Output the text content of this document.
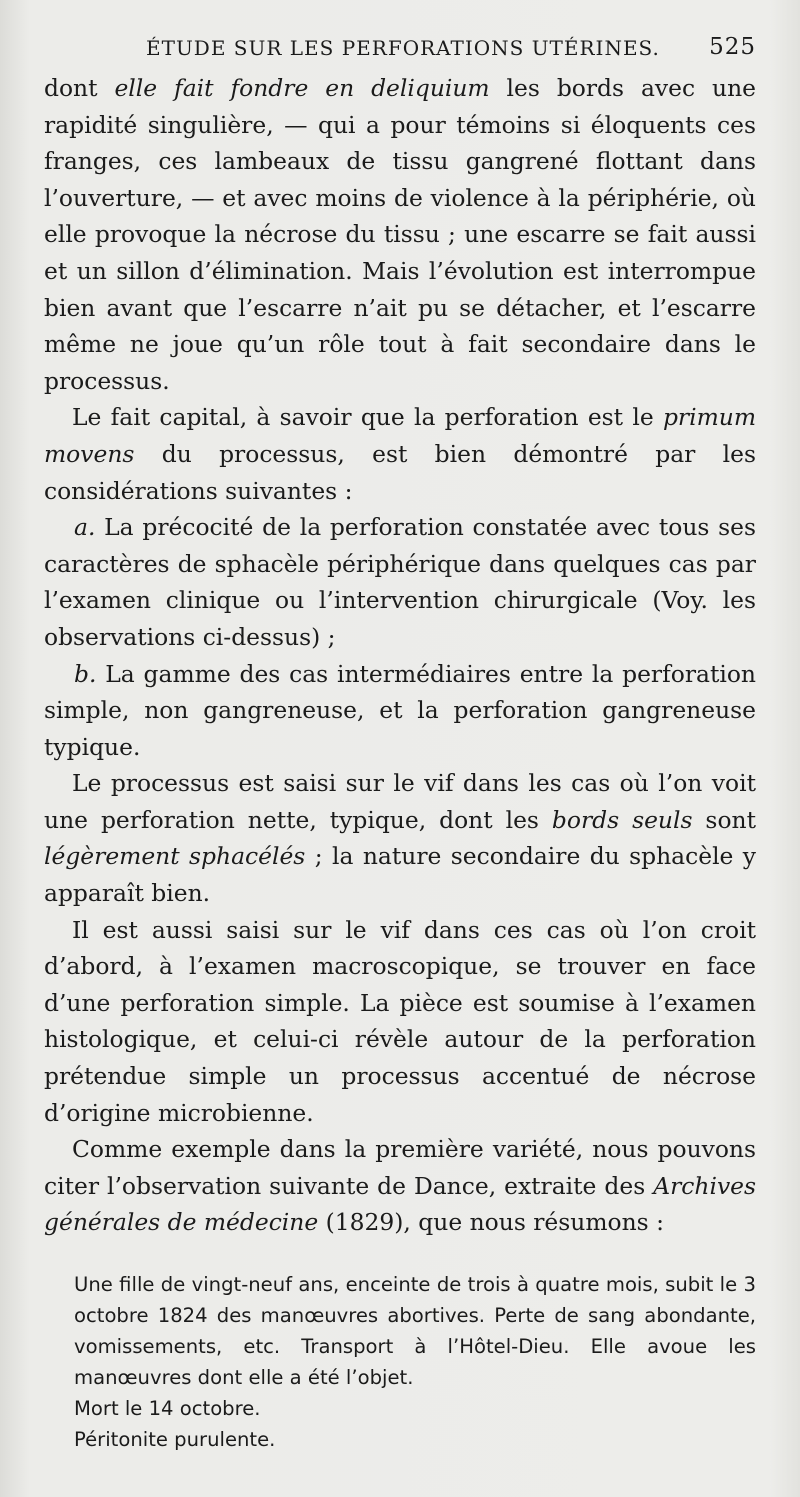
ÉTUDE SUR LES PERFORATIONS UTÉRINES. 525

dont elle fait fondre en deliquium les bords avec une rapidité singulière, — qui a pour témoins si éloquents ces franges, ces lambeaux de tissu gangrené flottant dans l’ouverture, — et avec moins de violence à la périphérie, où elle provoque la nécrose du tissu ; une escarre se fait aussi et un sillon d’élimination. Mais l’évolution est interrompue bien avant que l’escarre n’ait pu se détacher, et l’escarre même ne joue qu’un rôle tout à fait secondaire dans le processus.

Le fait capital, à savoir que la perforation est le primum movens du processus, est bien démontré par les considérations suivantes :

a. La précocité de la perforation constatée avec tous ses caractères de sphacèle périphérique dans quelques cas par l’examen clinique ou l’intervention chirurgicale (Voy. les observations ci-dessus) ;

b. La gamme des cas intermédiaires entre la perforation simple, non gangreneuse, et la perforation gangreneuse typique.

Le processus est saisi sur le vif dans les cas où l’on voit une perforation nette, typique, dont les bords seuls sont légèrement sphacélés ; la nature secondaire du sphacèle y apparaît bien.

Il est aussi saisi sur le vif dans ces cas où l’on croit d’abord, à l’examen macroscopique, se trouver en face d’une perforation simple. La pièce est soumise à l’examen histologique, et celui-ci révèle autour de la perforation prétendue simple un processus accentué de nécrose d’origine microbienne.

Comme exemple dans la première variété, nous pouvons citer l’observation suivante de Dance, extraite des Archives générales de médecine (1829), que nous résumons :

Une fille de vingt-neuf ans, enceinte de trois à quatre mois, subit le 3 octobre 1824 des manœuvres abortives. Perte de sang abondante, vomissements, etc. Transport à l’Hôtel-Dieu. Elle avoue les manœuvres dont elle a été l’objet.

Mort le 14 octobre.

Péritonite purulente.
